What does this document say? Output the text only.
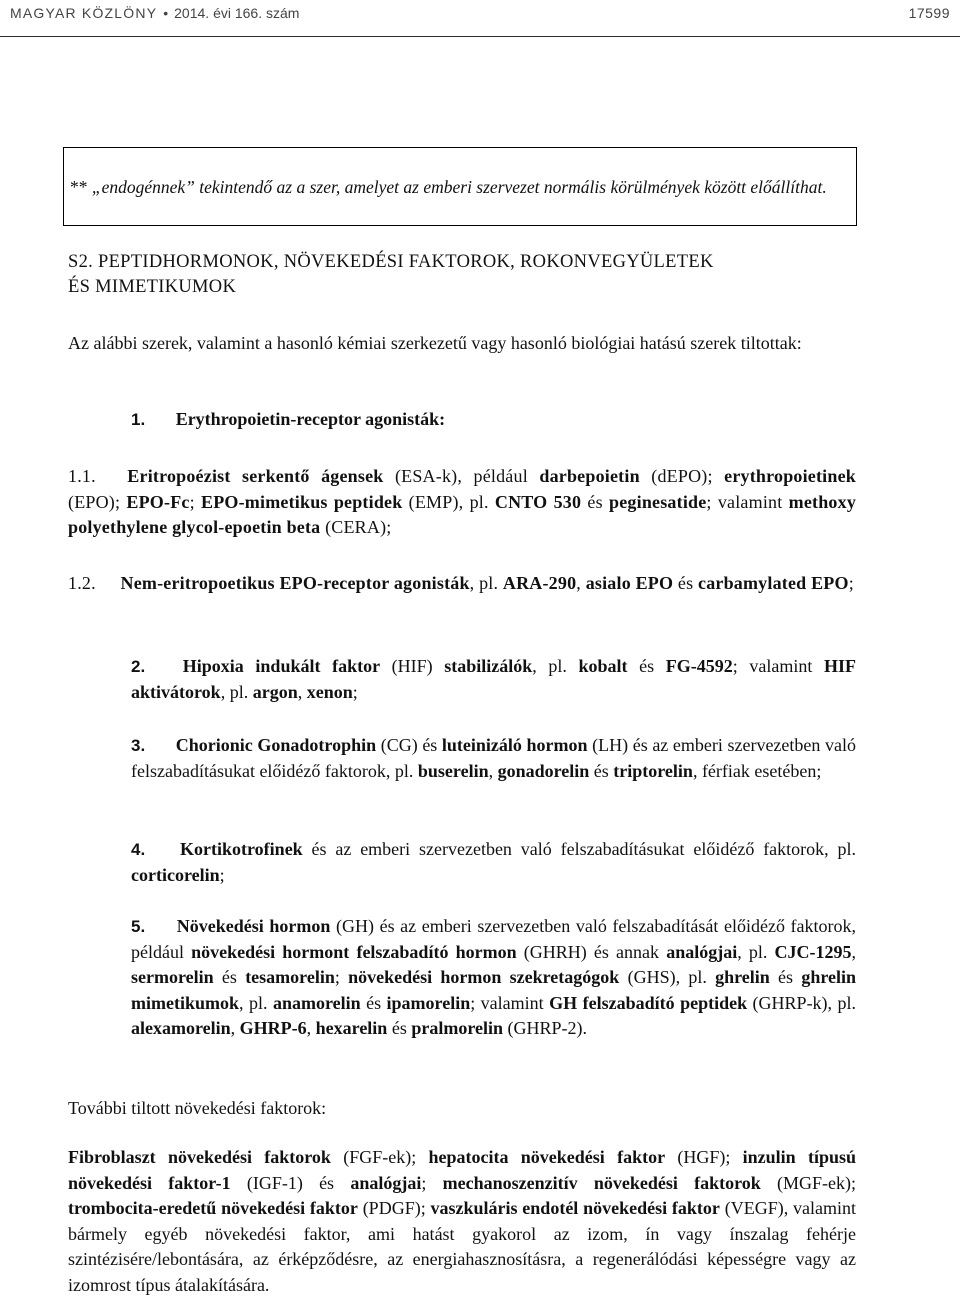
MAGYAR KÖZLÖNY • 2014. évi 166. szám	17599
** „endogénnek” tekintendő az a szer, amelyet az emberi szervezet normális körülmények között előállíthat.

S2. PEPTIDHORMONOK, NÖVEKEDÉSI FAKTOROK, ROKONVEGYÜLETEK
ÉS MIMETIKUMOK

Az alábbi szerek, valamint a hasonló kémiai szerkezetű vagy hasonló biológiai hatású szerek tiltottak:

1. Erythropoietin-receptor agonisták:

1.1. Eritropoézist serkentő ágensek (ESA-k), például darbepoietin (dEPO); erythropoietinek (EPO); EPO-Fc; EPO-mimetikus peptidek (EMP), pl. CNTO 530 és peginesatide; valamint methoxy polyethylene glycol-epoetin beta (CERA);

1.2. Nem-eritropoetikus EPO-receptor agonisták, pl. ARA-290, asialo EPO és carbamylated EPO;

2. Hipoxia indukált faktor (HIF) stabilizálók, pl. kobalt és FG-4592; valamint HIF aktivátorok, pl. argon, xenon;

3. Chorionic Gonadotrophin (CG) és luteinizáló hormon (LH) és az emberi szervezetben való felszabadításukat előidéző faktorok, pl. buserelin, gonadorelin és triptorelin, férfiak esetében;

4. Kortikotrofinek és az emberi szervezetben való felszabadításukat előidéző faktorok, pl. corticorelin;

5. Növekedési hormon (GH) és az emberi szervezetben való felszabadítását előidéző faktorok, például növekedési hormont felszabadító hormon (GHRH) és annak analógjai, pl. CJC-1295, sermorelin és tesamorelin; növekedési hormon szekretagógok (GHS), pl. ghrelin és ghrelin mimetikumok, pl. anamorelin és ipamorelin; valamint GH felszabadító peptidek (GHRP-k), pl. alexamorelin, GHRP-6, hexarelin és pralmorelin (GHRP-2).

További tiltott növekedési faktorok:

Fibroblaszt növekedési faktorok (FGF-ek); hepatocita növekedési faktor (HGF); inzulin típusú növekedési faktor-1 (IGF-1) és analógjai; mechanoszenzitív növekedési faktorok (MGF-ek); trombocita-eredetű növekedési faktor (PDGF); vaszkuláris endotél növekedési faktor (VEGF), valamint bármely egyéb növekedési faktor, ami hatást gyakorol az izom, ín vagy ínszalag fehérje szintézisére/lebontására, az érképződésre, az energiahasznosításra, a regenerálódási képességre vagy az izomrost típus átalakítására.
